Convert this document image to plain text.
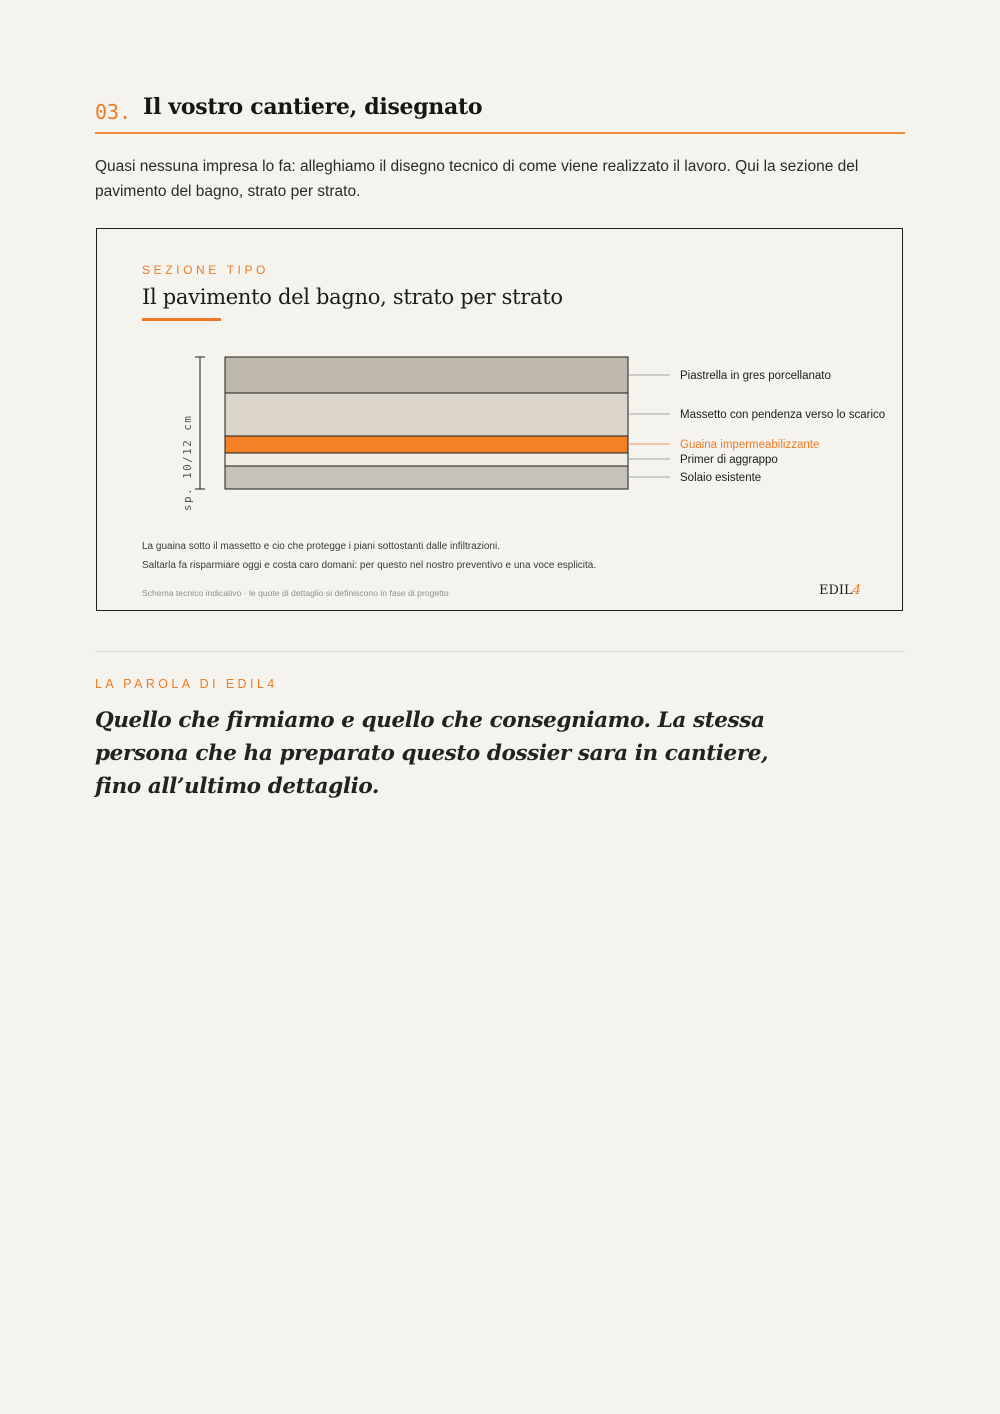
03. Il vostro cantiere, disegnato

Quasi nessuna impresa lo fa: alleghiamo il disegno tecnico di come viene realizzato il lavoro. Qui la sezione del pavimento del bagno, strato per strato.

SEZIONE TIPO
Il pavimento del bagno, strato per strato
sp. 10/12 cm
Piastrella in gres porcellanato
Massetto con pendenza verso lo scarico
Guaina impermeabilizzante
Primer di aggrappo
Solaio esistente

La guaina sotto il massetto e cio che protegge i piani sottostanti dalle infiltrazioni.
Saltarla fa risparmiare oggi e costa caro domani: per questo nel nostro preventivo e una voce esplicita.

Schema tecnico indicativo · le quote di dettaglio si definiscono in fase di progetto	EDIL4
LA PAROLA DI EDIL4

Quello che firmiamo e quello che consegniamo. La stessa persona che ha preparato questo dossier sara in cantiere, fino all’ultimo dettaglio.
